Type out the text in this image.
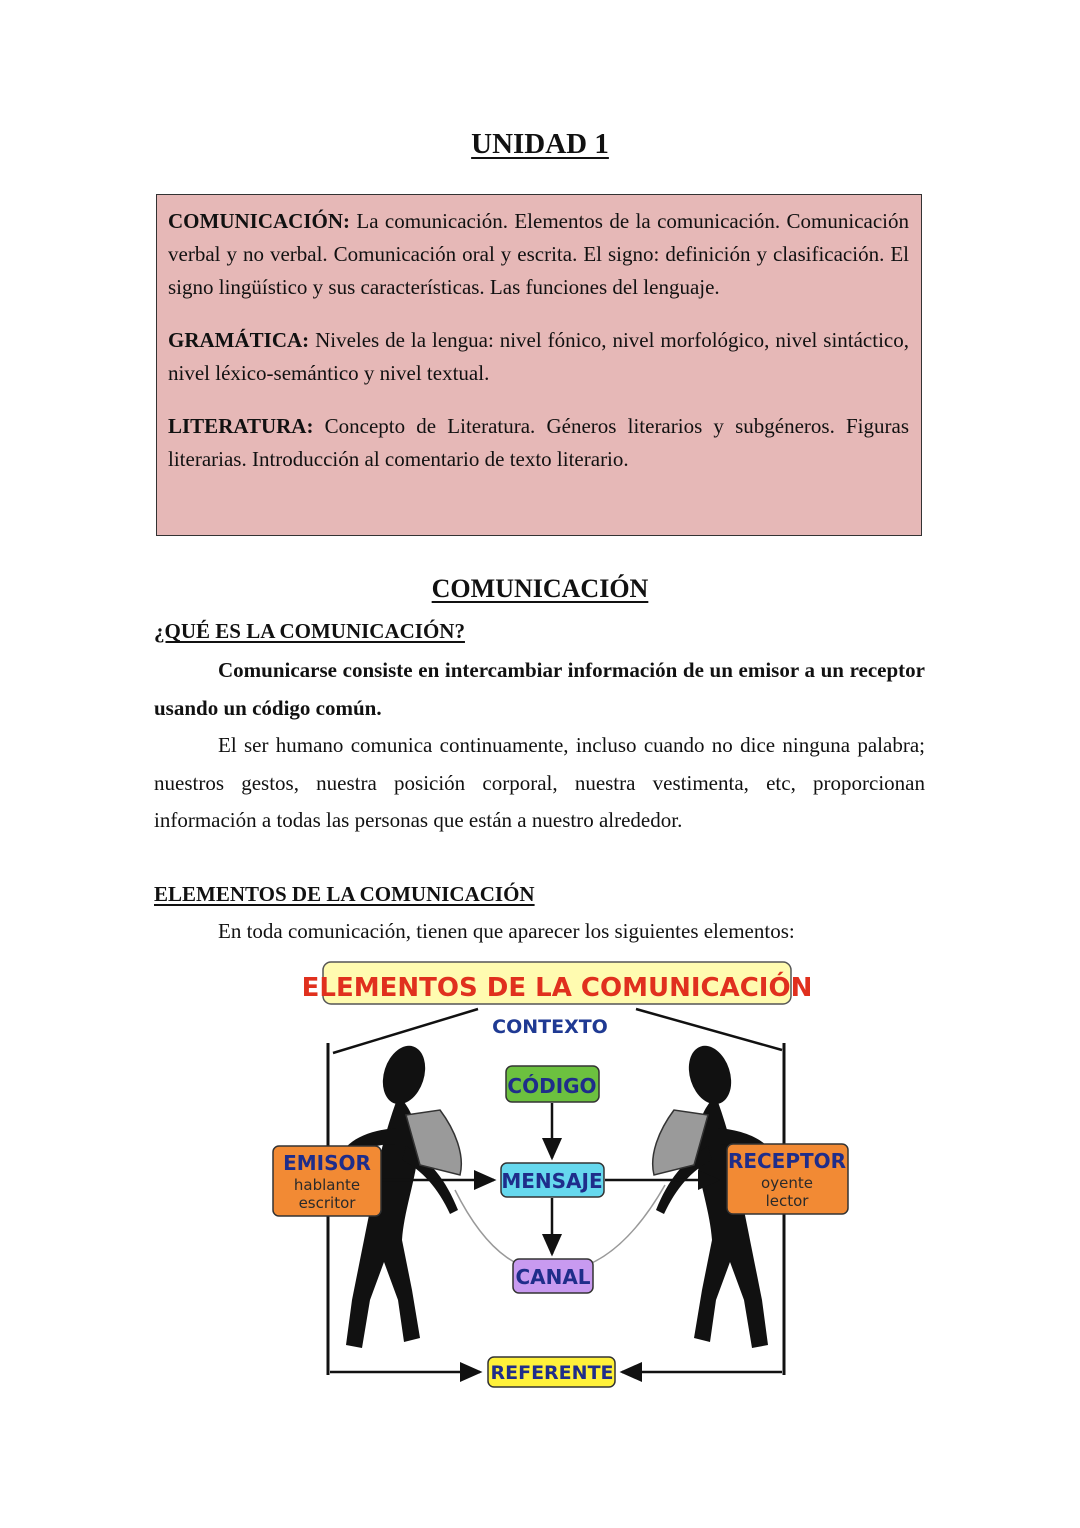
UNIDAD 1

COMUNICACIÓN: La comunicación. Elementos de la comunicación. Comunicación verbal y no verbal. Comunicación oral y escrita. El signo: definición y clasificación. El signo lingüístico y sus características. Las funciones del lenguaje.

GRAMÁTICA: Niveles de la lengua: nivel fónico, nivel morfológico, nivel sintáctico, nivel léxico-semántico y nivel textual.

LITERATURA: Concepto de Literatura. Géneros literarios y subgéneros. Figuras literarias. Introducción al comentario de texto literario.

COMUNICACIÓN
¿QUÉ ES LA COMUNICACIÓN?

Comunicarse consiste en intercambiar información de un emisor a un receptor usando un código común.

El ser humano comunica continuamente, incluso cuando no dice ninguna palabra; nuestros gestos, nuestra posición corporal, nuestra vestimenta, etc, proporcionan información a todas las personas que están a nuestro alrededor.

ELEMENTOS DE LA COMUNICACIÓN
En toda comunicación, tienen que aparecer los siguientes elementos:
ELEMENTOS DE LA COMUNICACIÓN
CONTEXTO
CÓDIGO
MENSAJE
CANAL
EMISOR
hablante
escritor
RECEPTOR
oyente
lector
REFERENTE
